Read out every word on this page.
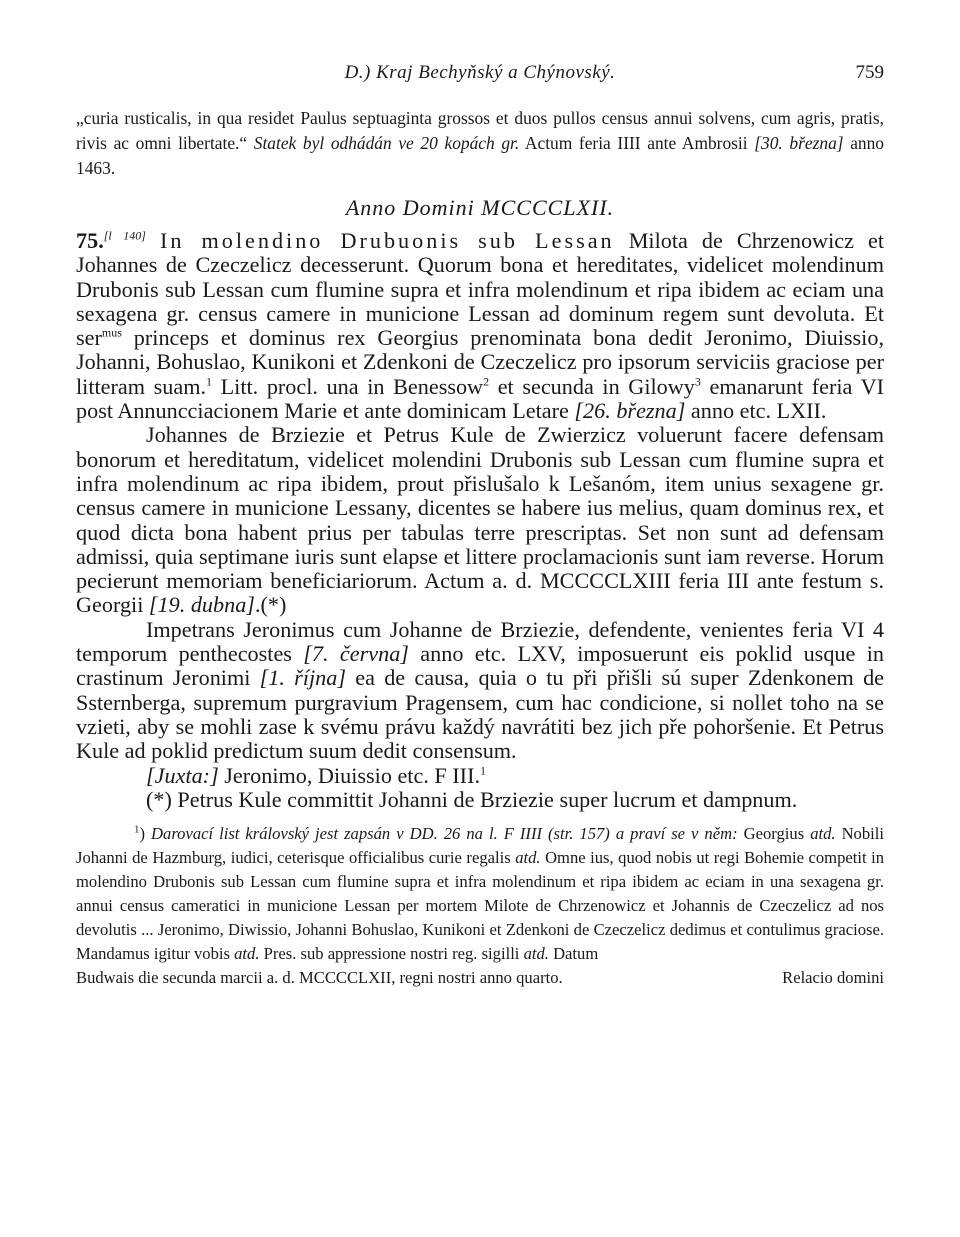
D.) Kraj Bechyňský a Chýnovský.	759
„curia rusticalis, in qua residet Paulus septuaginta grossos et duos pullos census annui solvens, cum agris, pratis, rivis ac omni libertate.“ Statek byl odhádán ve 20 kopách gr. Actum feria IIII ante Ambrosii [30. března] anno 1463.
Anno Domini MCCCCLXII.

75.[l 140] In molendino Drubuonis sub Lessan Milota de Chrzenowicz et Johannes de Czeczelicz decesserunt. Quorum bona et hereditates, videlicet molendinum Drubonis sub Lessan cum flumine supra et infra molendinum et ripa ibidem ac eciam una sexagena gr. census camere in municione Lessan ad dominum regem sunt devoluta. Et ser$^{mus}$ princeps et dominus rex Georgius prenominata bona dedit Jeronimo, Diuissio, Johanni, Bohuslao, Kunikoni et Zdenkoni de Czeczelicz pro ipsorum serviciis graciose per litteram suam.$^1$ Litt. procl. una in Benessow$^2$ et secunda in Gilowy$^3$ emanarunt feria VI post Annuncciacionem Marie et ante dominicam Letare [26. března] anno etc. LXII.

Johannes de Brziezie et Petrus Kule de Zwierzicz voluerunt facere defensam bonorum et hereditatum, videlicet molendini Drubonis sub Lessan cum flumine supra et infra molendinum ac ripa ibidem, prout přislušalo k Lešanóm, item unius sexagene gr. census camere in municione Lessany, dicentes se habere ius melius, quam dominus rex, et quod dicta bona habent prius per tabulas terre prescriptas. Set non sunt ad defensam admissi, quia septimane iuris sunt elapse et littere proclamacionis sunt iam reverse. Horum pecierunt memoriam beneficiariorum. Actum a. d. MCCCCLXIII feria III ante festum s. Georgii [19. dubna].(*)

Impetrans Jeronimus cum Johanne de Brziezie, defendente, venientes feria VI 4 temporum penthecostes [7. června] anno etc. LXV, imposuerunt eis poklid usque in crastinum Jeronimi [1. října] ea de causa, quia o tu při přišli sú super Zdenkonem de Ssternberga, supremum purgravium Pragensem, cum hac condicione, si nollet toho na se vzieti, aby se mohli zase k svému právu každý navrátiti bez jich pře pohoršenie. Et Petrus Kule ad poklid predictum suum dedit consensum.

[Juxta:] Jeronimo, Diuissio etc. F III.$^1$

(*) Petrus Kule committit Johanni de Brziezie super lucrum et dampnum.

$^1$) Darovací list královský jest zapsán v DD. 26 na l. F IIII (str. 157) a praví se v něm: Georgius atd. Nobili Johanni de Hazmburg, iudici, ceterisque officialibus curie regalis atd. Omne ius, quod nobis ut regi Bohemie competit in molendino Drubonis sub Lessan cum flumine supra et infra molendinum et ripa ibidem ac eciam in una sexagena gr. annui census cameratici in municione Lessan per mortem Milote de Chrzenowicz et Johannis de Czeczelicz ad nos devolutis ... Jeronimo, Diwissio, Johanni Bohuslao, Kunikoni et Zdenkoni de Czeczelicz dedimus et contulimus graciose. Mandamus igitur vobis atd. Pres. sub appressione nostri reg. sigilli atd. Datum
Budwais die secunda marcii a. d. MCCCCLXII, regni nostri anno quarto.	Relacio domini
